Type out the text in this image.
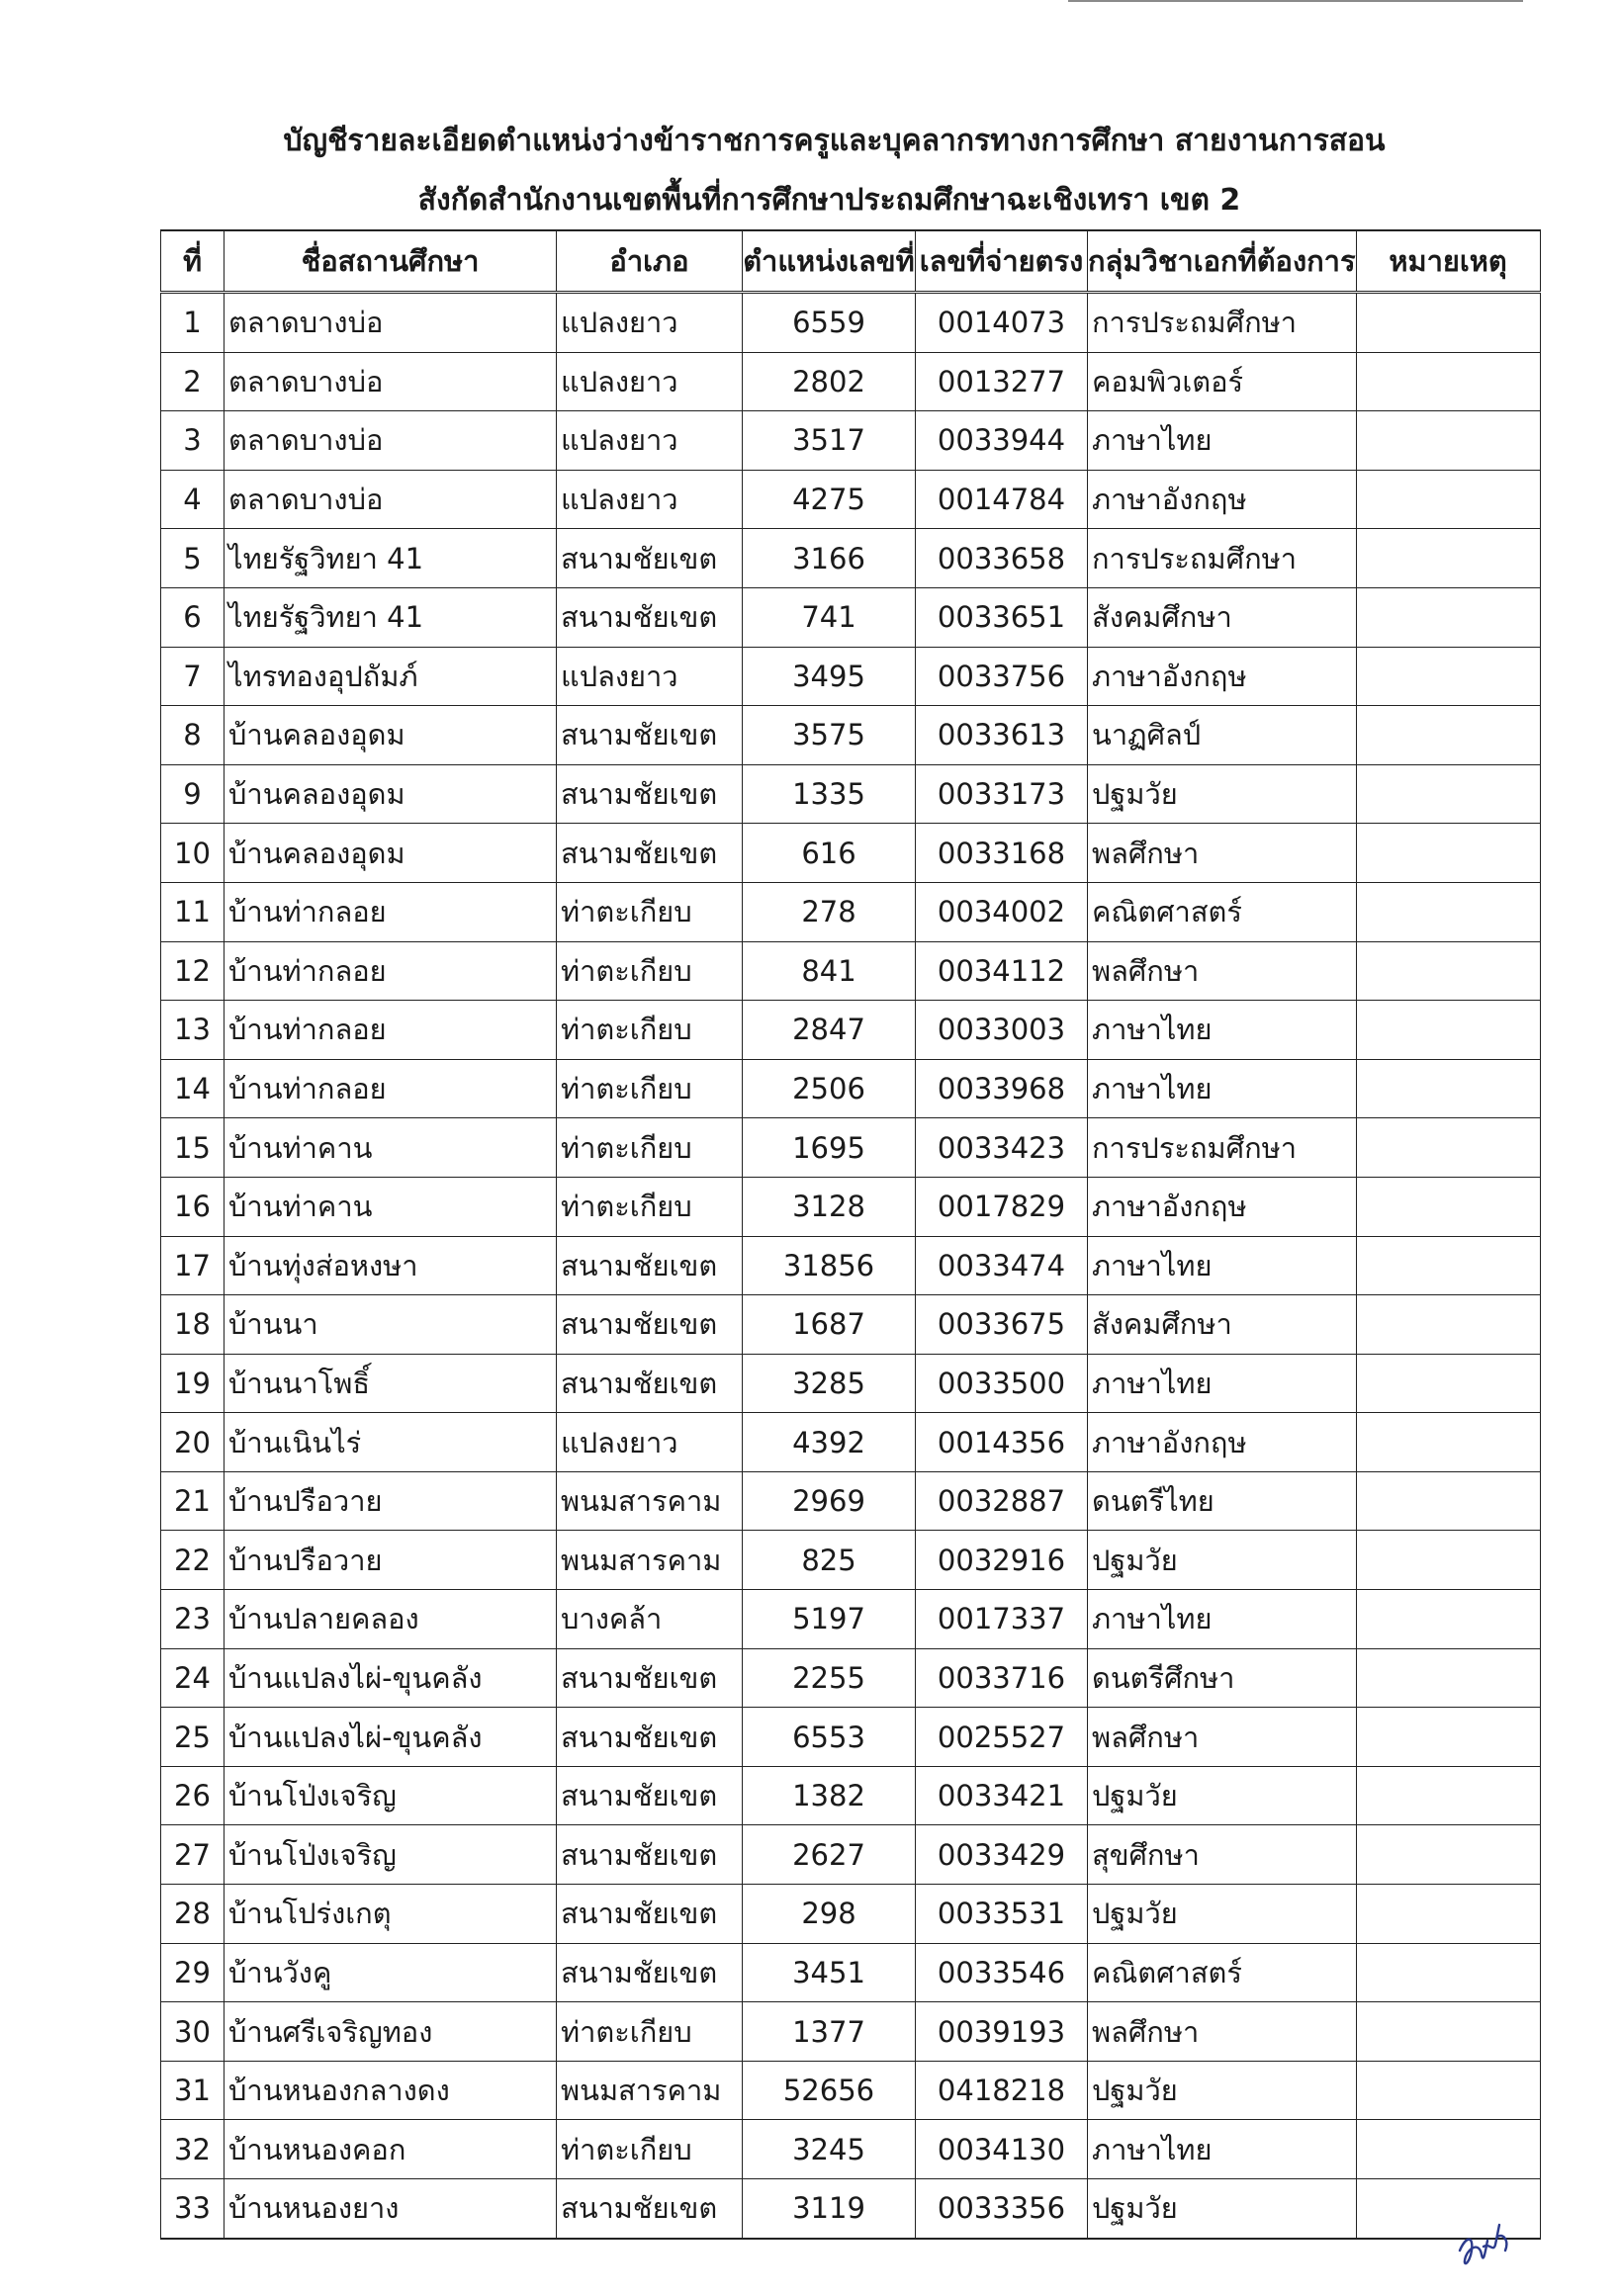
บัญชีรายละเอียดตำแหน่งว่างข้าราชการครูและบุคลากรทางการศึกษา สายงานการสอน
สังกัดสำนักงานเขตพื้นที่การศึกษาประถมศึกษาฉะเชิงเทรา เขต 2
ที่	ชื่อสถานศึกษา	อำเภอ	ตำแหน่งเลขที่	เลขที่จ่ายตรง	กลุ่มวิชาเอกที่ต้องการ	หมายเหตุ
1	ตลาดบางบ่อ	แปลงยาว	6559	0014073	การประถมศึกษา	
2	ตลาดบางบ่อ	แปลงยาว	2802	0013277	คอมพิวเตอร์	
3	ตลาดบางบ่อ	แปลงยาว	3517	0033944	ภาษาไทย	
4	ตลาดบางบ่อ	แปลงยาว	4275	0014784	ภาษาอังกฤษ	
5	ไทยรัฐวิทยา 41	สนามชัยเขต	3166	0033658	การประถมศึกษา	
6	ไทยรัฐวิทยา 41	สนามชัยเขต	741	0033651	สังคมศึกษา	
7	ไทรทองอุปถัมภ์	แปลงยาว	3495	0033756	ภาษาอังกฤษ	
8	บ้านคลองอุดม	สนามชัยเขต	3575	0033613	นาฏศิลป์	
9	บ้านคลองอุดม	สนามชัยเขต	1335	0033173	ปฐมวัย	
10	บ้านคลองอุดม	สนามชัยเขต	616	0033168	พลศึกษา	
11	บ้านท่ากลอย	ท่าตะเกียบ	278	0034002	คณิตศาสตร์	
12	บ้านท่ากลอย	ท่าตะเกียบ	841	0034112	พลศึกษา	
13	บ้านท่ากลอย	ท่าตะเกียบ	2847	0033003	ภาษาไทย	
14	บ้านท่ากลอย	ท่าตะเกียบ	2506	0033968	ภาษาไทย	
15	บ้านท่าคาน	ท่าตะเกียบ	1695	0033423	การประถมศึกษา	
16	บ้านท่าคาน	ท่าตะเกียบ	3128	0017829	ภาษาอังกฤษ	
17	บ้านทุ่งส่อหงษา	สนามชัยเขต	31856	0033474	ภาษาไทย	
18	บ้านนา	สนามชัยเขต	1687	0033675	สังคมศึกษา	
19	บ้านนาโพธิ์	สนามชัยเขต	3285	0033500	ภาษาไทย	
20	บ้านเนินไร่	แปลงยาว	4392	0014356	ภาษาอังกฤษ	
21	บ้านปรือวาย	พนมสารคาม	2969	0032887	ดนตรีไทย	
22	บ้านปรือวาย	พนมสารคาม	825	0032916	ปฐมวัย	
23	บ้านปลายคลอง	บางคล้า	5197	0017337	ภาษาไทย	
24	บ้านแปลงไผ่-ขุนคลัง	สนามชัยเขต	2255	0033716	ดนตรีศึกษา	
25	บ้านแปลงไผ่-ขุนคลัง	สนามชัยเขต	6553	0025527	พลศึกษา	
26	บ้านโป่งเจริญ	สนามชัยเขต	1382	0033421	ปฐมวัย	
27	บ้านโป่งเจริญ	สนามชัยเขต	2627	0033429	สุขศึกษา	
28	บ้านโปร่งเกตุ	สนามชัยเขต	298	0033531	ปฐมวัย	
29	บ้านวังคู	สนามชัยเขต	3451	0033546	คณิตศาสตร์	
30	บ้านศรีเจริญทอง	ท่าตะเกียบ	1377	0039193	พลศึกษา	
31	บ้านหนองกลางดง	พนมสารคาม	52656	0418218	ปฐมวัย	
32	บ้านหนองคอก	ท่าตะเกียบ	3245	0034130	ภาษาไทย	
33	บ้านหนองยาง	สนามชัยเขต	3119	0033356	ปฐมวัย	
